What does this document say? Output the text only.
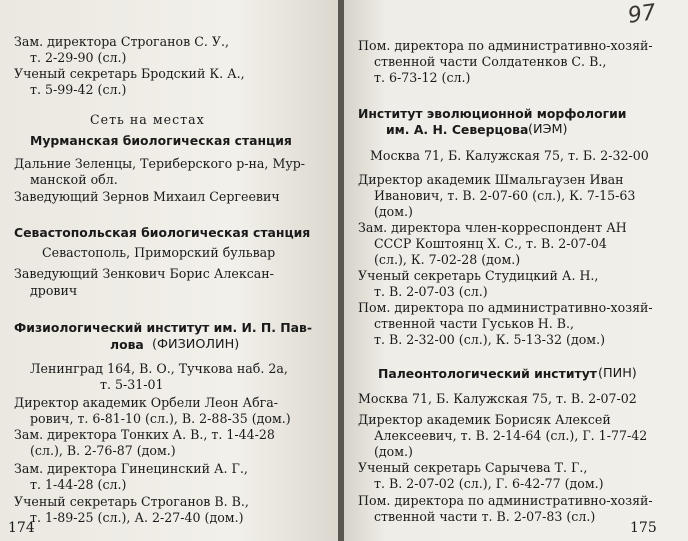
Зам. директора Строганов С. У.,
т. 2-29-90 (сл.)
Ученый секретарь Бродский К. А.,
т. 5-99-42 (сл.)
Сеть на местах
Мурманская биологическая станция
Дальние Зеленцы, Териберского р-на, Мур-
манской обл.
Заведующий Зернов Михаил Сергеевич
Севастопольская биологическая станция
Севастополь, Приморский бульвар
Заведующий Зенкович Борис Алексан-
дрович
Физиологический институт им. И. П. Пав-
лова (ФИЗИОЛИН)
Ленинград 164, В. О., Тучкова наб. 2а,
т. 5-31-01
Директор академик Орбели Леон Абга-
рович, т. 6-81-10 (сл.), В. 2-88-35 (дом.)
Зам. директора Тонких А. В., т. 1-44-28
(сл.), В. 2-76-87 (дом.)
Зам. директора Гинецинский А. Г.,
т. 1-44-28 (сл.)
Ученый секретарь Строганов В. В.,
т. 1-89-25 (сл.), А. 2-27-40 (дом.)
174
97
Пом. директора по административно-хозяй-
ственной части Солдатенков С. В.,
т. 6-73-12 (сл.)
Институт эволюционной морфологии
им. А. Н. Северцова (ИЭМ)
Москва 71, Б. Калужская 75, т. Б. 2-32-00
Директор академик Шмальгаузен Иван
Иванович, т. В. 2-07-60 (сл.), К. 7-15-63
(дом.)
Зам. директора член-корреспондент АН
СССР Коштоянц Х. С., т. В. 2-07-04
(сл.), К. 7-02-28 (дом.)
Ученый секретарь Студицкий А. Н.,
т. В. 2-07-03 (сл.)
Пом. директора по административно-хозяй-
ственной части Гуськов Н. В.,
т. В. 2-32-00 (сл.), К. 5-13-32 (дом.)
Палеонтологический институт (ПИН)
Москва 71, Б. Калужская 75, т. В. 2-07-02
Директор академик Борисяк Алексей
Алексеевич, т. В. 2-14-64 (сл.), Г. 1-77-42
(дом.)
Ученый секретарь Сарычева Т. Г.,
т. В. 2-07-02 (сл.), Г. 6-42-77 (дом.)
Пом. директора по административно-хозяй-
ственной части т. В. 2-07-83 (сл.)
175
